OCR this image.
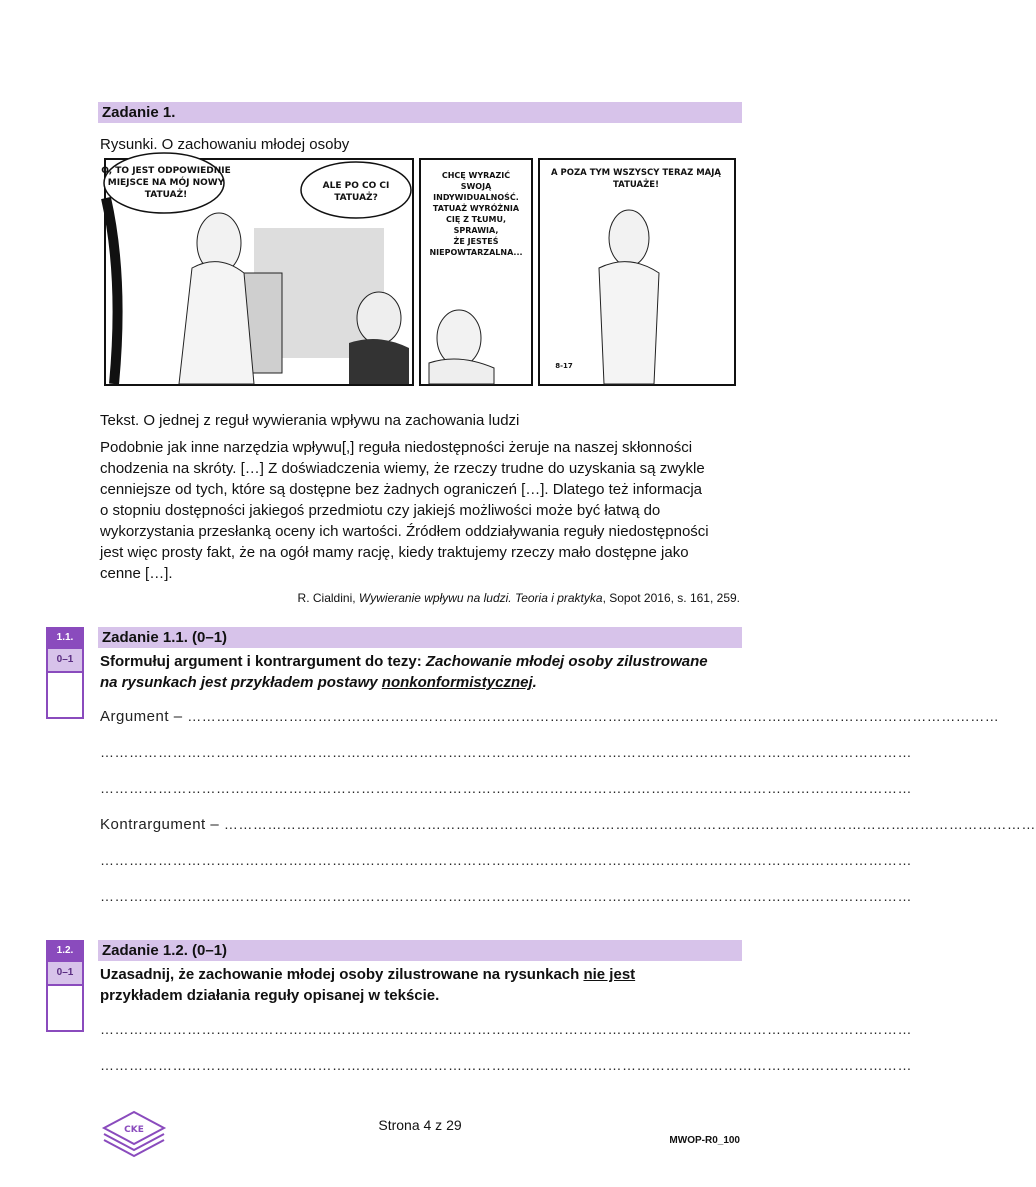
Zadanie 1.
Rysunki. O zachowaniu młodej osoby
O, TO JEST ODPOWIEDNIE
MIEJSCE NA MÓJ NOWY
TATUAŻ!
ALE PO CO CI
TATUAŻ?
CHCĘ WYRAZIĆ
SWOJĄ
INDYWIDUALNOŚĆ.
TATUAŻ WYRÓŻNIA
CIĘ Z TŁUMU,
SPRAWIA,
ŻE JESTEŚ
NIEPOWTARZALNA...
A POZA TYM WSZYSCY TERAZ MAJĄ
TATUAŻE!
8-17
Tekst. O jednej z reguł wywierania wpływu na zachowania ludzi
Podobnie jak inne narzędzia wpływu[,] reguła niedostępności żeruje na naszej skłonności
chodzenia na skróty. […] Z doświadczenia wiemy, że rzeczy trudne do uzyskania są zwykle
cenniejsze od tych, które są dostępne bez żadnych ograniczeń […]. Dlatego też informacja
o stopniu dostępności jakiegoś przedmiotu czy jakiejś możliwości może być łatwą do
wykorzystania przesłanką oceny ich wartości. Źródłem oddziaływania reguły niedostępności
jest więc prosty fakt, że na ogół mamy rację, kiedy traktujemy rzeczy mało dostępne jako
cenne […].
R. Cialdini, Wywieranie wpływu na ludzi. Teoria i praktyka, Sopot 2016, s. 161, 259.
1.1.
0–1
Zadanie 1.1. (0–1)
Sformułuj argument i kontrargument do tezy: Zachowanie młodej osoby zilustrowane
na rysunkach jest przykładem postawy nonkonformistycznej.
Argument – ……………………………………………………………………………………………………………………………………………………
……………………………………………………………………………………………………………………………………………………
……………………………………………………………………………………………………………………………………………………
Kontrargument – ……………………………………………………………………………………………………………………………………………………
……………………………………………………………………………………………………………………………………………………
……………………………………………………………………………………………………………………………………………………
1.2.
0–1
Zadanie 1.2. (0–1)
Uzasadnij, że zachowanie młodej osoby zilustrowane na rysunkach nie jest
przykładem działania reguły opisanej w tekście.
……………………………………………………………………………………………………………………………………………………
……………………………………………………………………………………………………………………………………………………
CKE	Strona 4 z 29
MWOP-R0_100
